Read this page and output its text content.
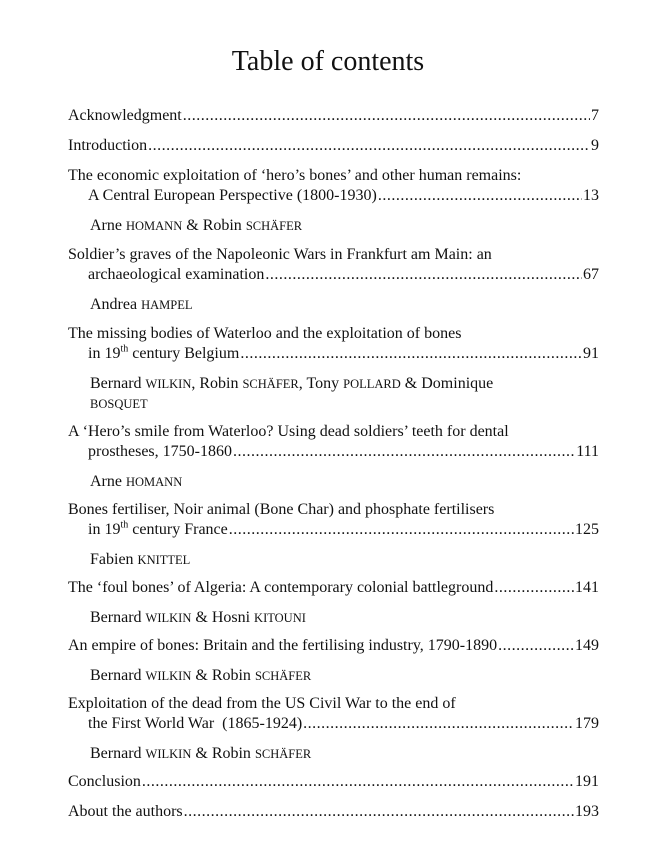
Table of contents
Acknowledgment .....	7
Introduction .....	9
The economic exploitation of ‘hero’s bones’ and other human remains:
A Central European Perspective (1800-1930) .....	13
Arne HOMANN & Robin SCHÄFER
Soldier’s graves of the Napoleonic Wars in Frankfurt am Main: an
archaeological examination .....	67
Andrea HAMPEL
The missing bodies of Waterloo and the exploitation of bones
in 19th century Belgium .....	91
Bernard WILKIN, Robin SCHÄFER, Tony POLLARD & Dominique
BOSQUET
A ‘Hero’s smile from Waterloo? Using dead soldiers’ teeth for dental
prostheses, 1750-1860 .....	111
Arne HOMANN
Bones fertiliser, Noir animal (Bone Char) and phosphate fertilisers
in 19th century France .....	125
Fabien KNITTEL
The ‘foul bones’ of Algeria: A contemporary colonial battleground .....	141
Bernard WILKIN & Hosni KITOUNI
An empire of bones: Britain and the fertilising industry, 1790-1890 .....	149
Bernard WILKIN & Robin SCHÄFER
Exploitation of the dead from the US Civil War to the end of
the First World War  (1865-1924) .....	179
Bernard WILKIN & Robin SCHÄFER
Conclusion .....	191
About the authors .....	193
